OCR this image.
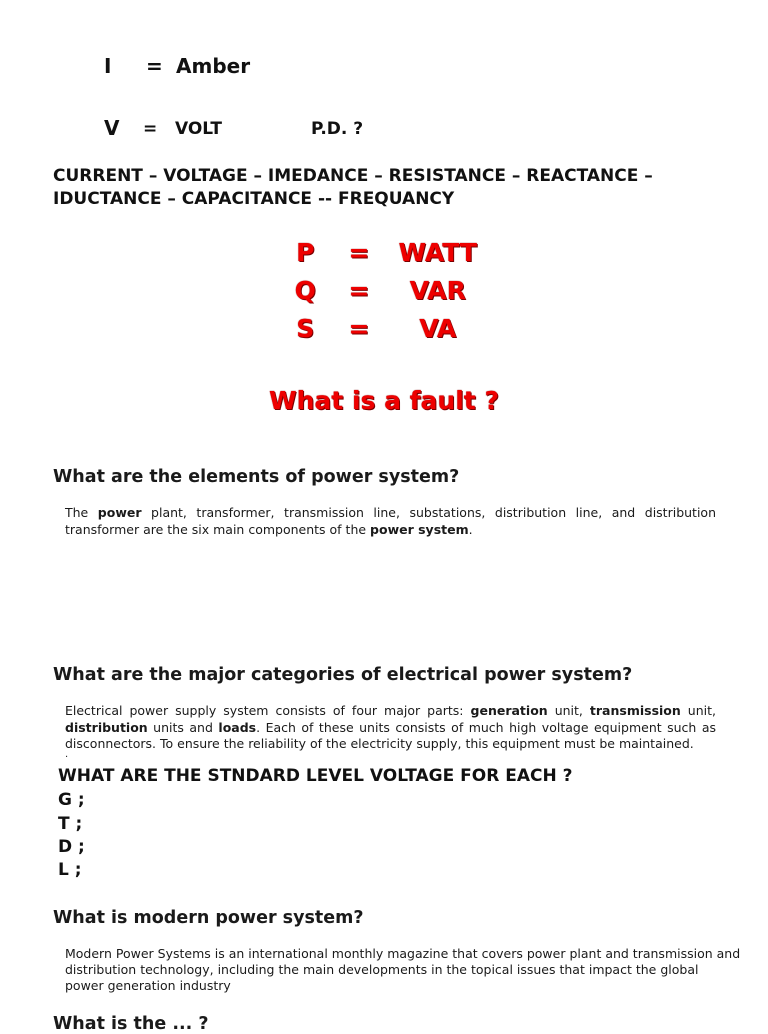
I = Amber
V = VOLT	P.D. ?
CURRENT – VOLTAGE – IMEDANCE – RESISTANCE – REACTANCE –
IDUCTANCE – CAPACITANCE -- FREQUANCY
P = WATT
Q = VAR
S = VA
What is a fault ?
What are the elements of power system?
The power plant, transformer, transmission line, substations, distribution line, and distribution transformer are the six main components of the power system.
What are the major categories of electrical power system?
Electrical power supply system consists of four major parts: generation unit, transmission unit, distribution units and loads. Each of these units consists of much high voltage equipment such as disconnectors. To ensure the reliability of the electricity supply, this equipment must be maintained.
.
WHAT ARE THE STNDARD LEVEL VOLTAGE FOR EACH ?
G ;
T ;
D ;
L ;
What is modern power system?
Modern Power Systems is an international monthly magazine that covers power plant and transmission and
distribution technology, including the main developments in the topical issues that impact the global
power generation industry
What is the ... ?
